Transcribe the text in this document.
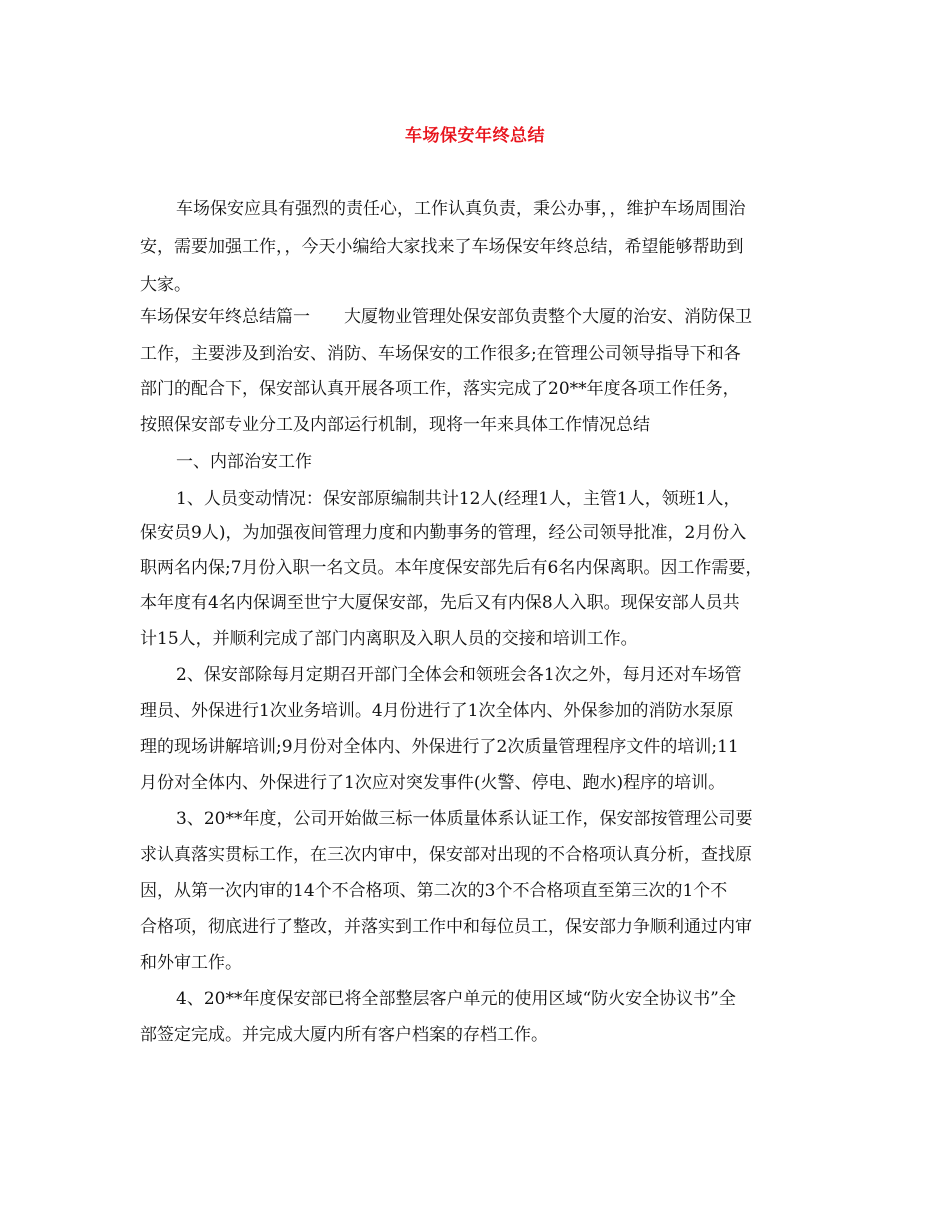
车场保安年终总结
车场保安应具有强烈的责任心，工作认真负责，秉公办事，，维护车场周围治
安，需要加强工作，，今天小编给大家找来了车场保安年终总结，希望能够帮助到
大家。
车场保安年终总结篇一　　大厦物业管理处保安部负责整个大厦的治安、消防保卫
工作，主要涉及到治安、消防、车场保安的工作很多;在管理公司领导指导下和各
部门的配合下，保安部认真开展各项工作，落实完成了20**年度各项工作任务，
按照保安部专业分工及内部运行机制，现将一年来具体工作情况总结
一、内部治安工作
1、人员变动情况：保安部原编制共计12人(经理1人，主管1人，领班1人，
保安员9人)，为加强夜间管理力度和内勤事务的管理，经公司领导批准，2月份入
职两名内保;7月份入职一名文员。本年度保安部先后有6名内保离职。因工作需要，
本年度有4名内保调至世宁大厦保安部，先后又有内保8人入职。现保安部人员共
计15人，并顺利完成了部门内离职及入职人员的交接和培训工作。
2、保安部除每月定期召开部门全体会和领班会各1次之外，每月还对车场管
理员、外保进行1次业务培训。4月份进行了1次全体内、外保参加的消防水泵原
理的现场讲解培训;9月份对全体内、外保进行了2次质量管理程序文件的培训;11
月份对全体内、外保进行了1次应对突发事件(火警、停电、跑水)程序的培训。
3、20**年度，公司开始做三标一体质量体系认证工作，保安部按管理公司要
求认真落实贯标工作，在三次内审中，保安部对出现的不合格项认真分析，查找原
因，从第一次内审的14个不合格项、第二次的3个不合格项直至第三次的1个不
合格项，彻底进行了整改，并落实到工作中和每位员工，保安部力争顺利通过内审
和外审工作。
4、20**年度保安部已将全部整层客户单元的使用区域“防火安全协议书”全
部签定完成。并完成大厦内所有客户档案的存档工作。
